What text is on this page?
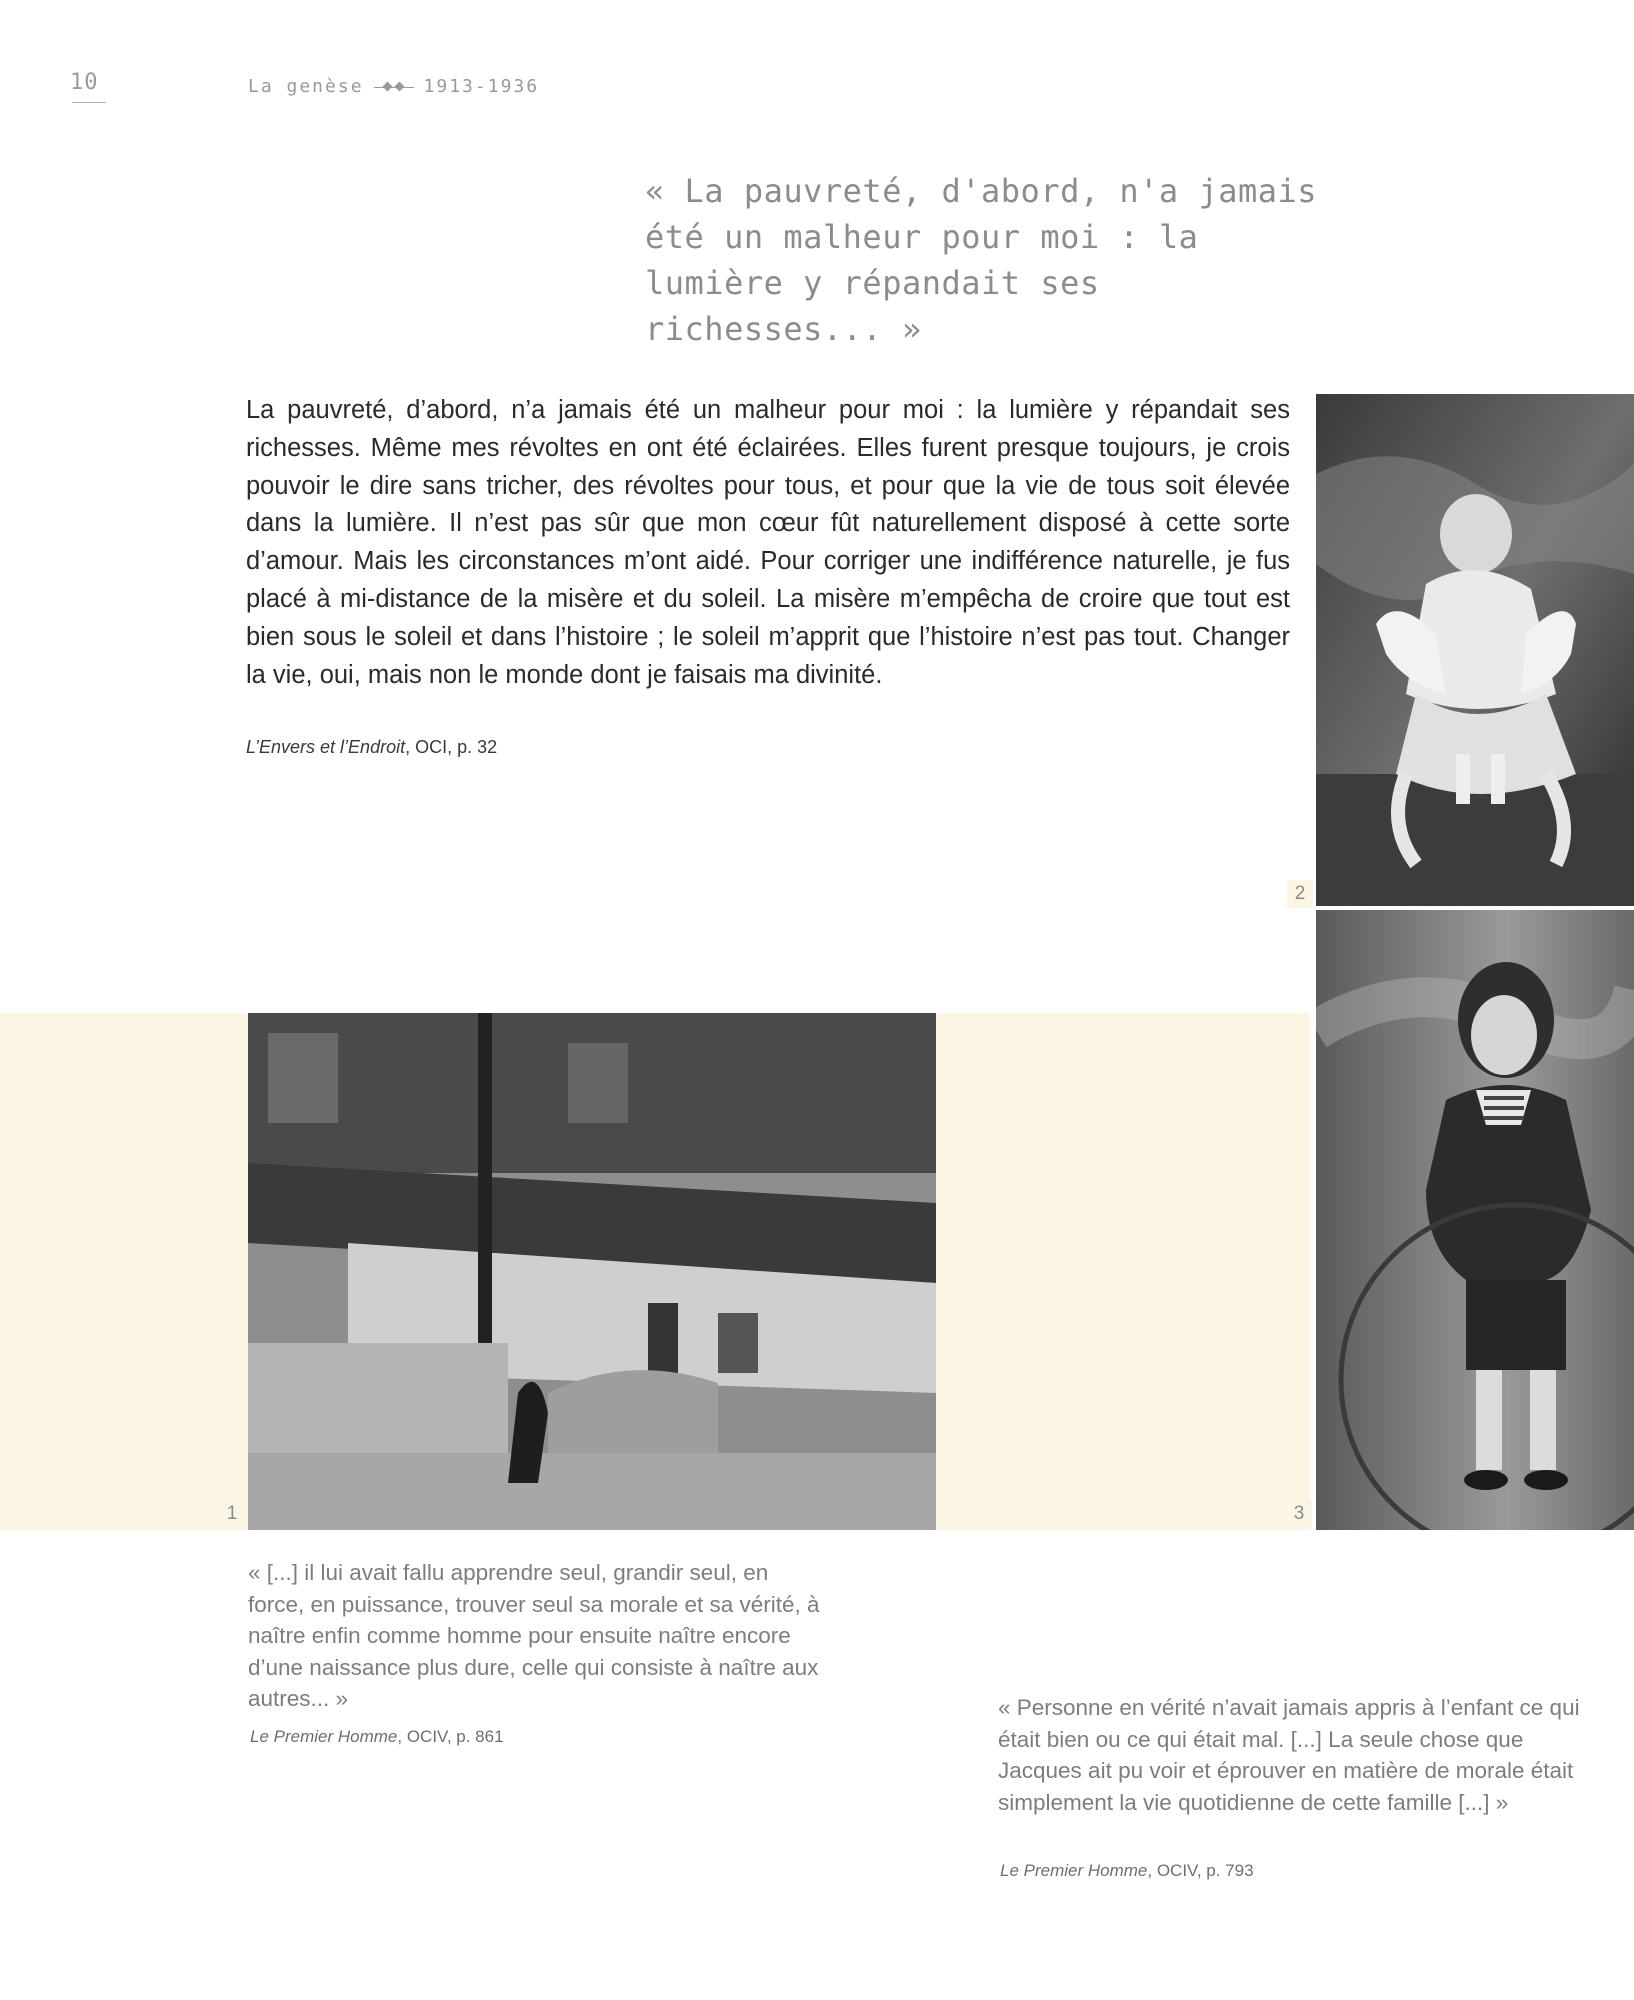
10	La genèse	1913-1936
« La pauvreté, d'abord, n'a jamais été un malheur pour moi : la lumière y répandait ses richesses... »

La pauvreté, d’abord, n’a jamais été un malheur pour moi : la lumière y répandait ses richesses. Même mes révoltes en ont été éclairées. Elles furent presque toujours, je crois pouvoir le dire sans tricher, des révoltes pour tous, et pour que la vie de tous soit élevée dans la lumière. Il n’est pas sûr que mon cœur fût naturellement disposé à cette sorte d’amour. Mais les circonstances m’ont aidé. Pour corriger une indifférence naturelle, je fus placé à mi-distance de la misère et du soleil. La misère m’empêcha de croire que tout est bien sous le soleil et dans l’histoire ; le soleil m’apprit que l’histoire n’est pas tout. Changer la vie, oui, mais non le monde dont je faisais ma divinité.

L’Envers et l’Endroit, OCI, p. 32
2
3
1
« [...] il lui avait fallu apprendre seul, grandir seul, en force, en puissance, trouver seul sa morale et sa vérité, à naître enfin comme homme pour ensuite naître encore d’une naissance plus dure, celle qui consiste à naître aux autres... »
Le Premier Homme, OCIV, p. 861
« Personne en vérité n’avait jamais appris à l’enfant ce qui était bien ou ce qui était mal. [...] La seule chose que Jacques ait pu voir et éprouver en matière de morale était simplement la vie quotidienne de cette famille [...] »
Le Premier Homme, OCIV, p. 793
